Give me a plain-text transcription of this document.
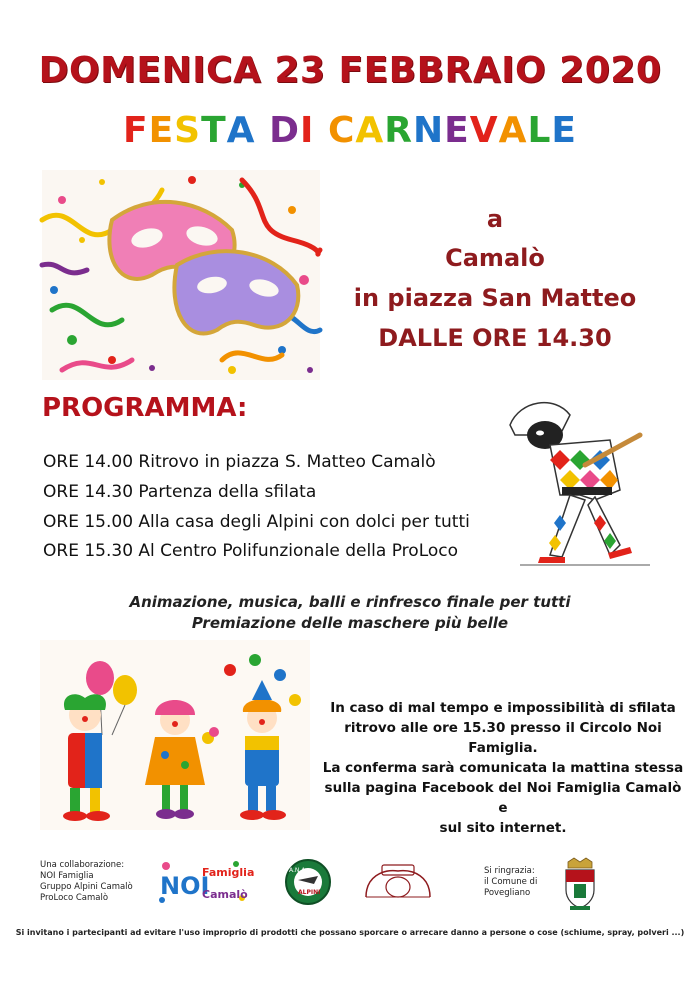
DOMENICA 23 FEBBRAIO 2020
FESTA DI CARNEVALE
a
Camalò
in piazza San Matteo
DALLE ORE 14.30
PROGRAMMA:
ORE 14.00 Ritrovo in piazza S. Matteo Camalò
ORE 14.30 Partenza della sfilata
ORE 15.00 Alla casa degli Alpini con dolci per tutti
ORE 15.30 Al Centro Polifunzionale della ProLoco
Animazione, musica, balli e rinfresco finale per tutti
Premiazione delle maschere più belle
In caso di mal tempo e impossibilità di sfilata
ritrovo alle ore 15.30 presso il Circolo Noi
Famiglia.
La conferma sarà comunicata la mattina stessa
sulla pagina Facebook del Noi Famiglia Camalò e
sul sito internet.
Una collaborazione:
NOI Famiglia
Gruppo Alpini Camalò
ProLoco Camalò	NOI
Famiglia
Camalò
A.N.A.
ALPINI
Si ringrazia:
il Comune di
Povegliano
Si invitano i partecipanti ad evitare l'uso improprio di prodotti che possano sporcare o arrecare danno a persone o cose (schiume, spray, polveri ...)
